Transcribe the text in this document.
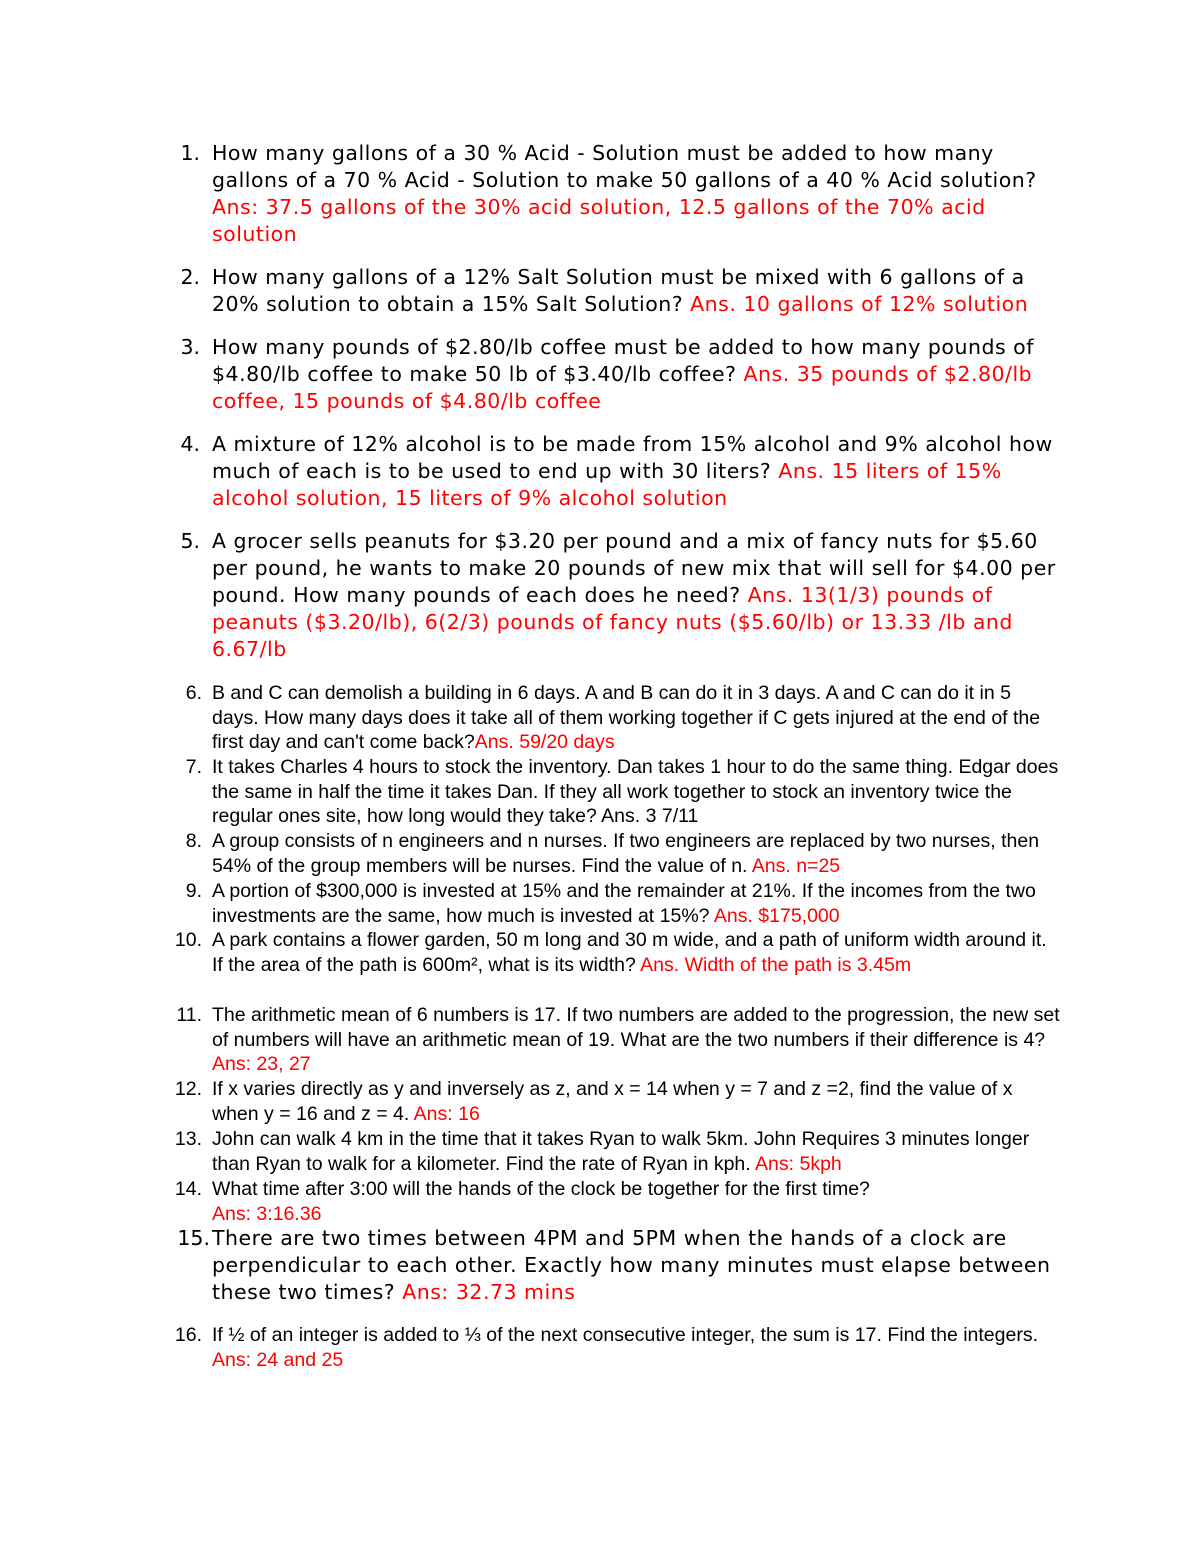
1. How many gallons of a 30 % Acid - Solution must be added to how many gallons of a 70 % Acid - Solution to make 50 gallons of a 40 % Acid solution?
Ans: 37.5 gallons of the 30% acid solution, 12.5 gallons of the 70% acid solution
2. How many gallons of a 12% Salt Solution must be mixed with 6 gallons of a 20% solution to obtain a 15% Salt Solution? Ans. 10 gallons of 12% solution
3. How many pounds of $2.80/lb coffee must be added to how many pounds of $4.80/lb coffee to make 50 lb of $3.40/lb coffee? Ans. 35 pounds of $2.80/lb coffee, 15 pounds of $4.80/lb coffee
4. A mixture of 12% alcohol is to be made from 15% alcohol and 9% alcohol how much of each is to be used to end up with 30 liters? Ans. 15 liters of 15% alcohol solution, 15 liters of 9% alcohol solution
5. A grocer sells peanuts for $3.20 per pound and a mix of fancy nuts for $5.60 per pound, he wants to make 20 pounds of new mix that will sell for $4.00 per pound. How many pounds of each does he need? Ans. 13(1/3) pounds of peanuts ($3.20/lb), 6(2/3) pounds of fancy nuts ($5.60/lb) or 13.33 /lb and 6.67/lb
6. B and C can demolish a building in 6 days. A and B can do it in 3 days. A and C can do it in 5 days. How many days does it take all of them working together if C gets injured at the end of the first day and can't come back?Ans. 59/20 days
7. It takes Charles 4 hours to stock the inventory. Dan takes 1 hour to do the same thing. Edgar does the same in half the time it takes Dan. If they all work together to stock an inventory twice the regular ones site, how long would they take? Ans. 3 7/11
8. A group consists of n engineers and n nurses. If two engineers are replaced by two nurses, then 54% of the group members will be nurses. Find the value of n. Ans. n=25
9. A portion of $300,000 is invested at 15% and the remainder at 21%. If the incomes from the two investments are the same, how much is invested at 15%? Ans. $175,000
10. A park contains a flower garden, 50 m long and 30 m wide, and a path of uniform width around it. If the area of the path is 600m², what is its width? Ans. Width of the path is 3.45m
11. The arithmetic mean of 6 numbers is 17. If two numbers are added to the progression, the new set of numbers will have an arithmetic mean of 19. What are the two numbers if their difference is 4? Ans: 23, 27
12. If x varies directly as y and inversely as z, and x = 14 when y = 7 and z =2, find the value of x when y = 16 and z = 4. Ans: 16
13. John can walk 4 km in the time that it takes Ryan to walk 5km. John Requires 3 minutes longer than Ryan to walk for a kilometer. Find the rate of Ryan in kph. Ans: 5kph
14. What time after 3:00 will the hands of the clock be together for the first time?
Ans: 3:16.36
15. There are two times between 4PM and 5PM when the hands of a clock are perpendicular to each other. Exactly how many minutes must elapse between these two times? Ans: 32.73 mins
16. If ½ of an integer is added to ⅓ of the next consecutive integer, the sum is 17. Find the integers. Ans: 24 and 25
